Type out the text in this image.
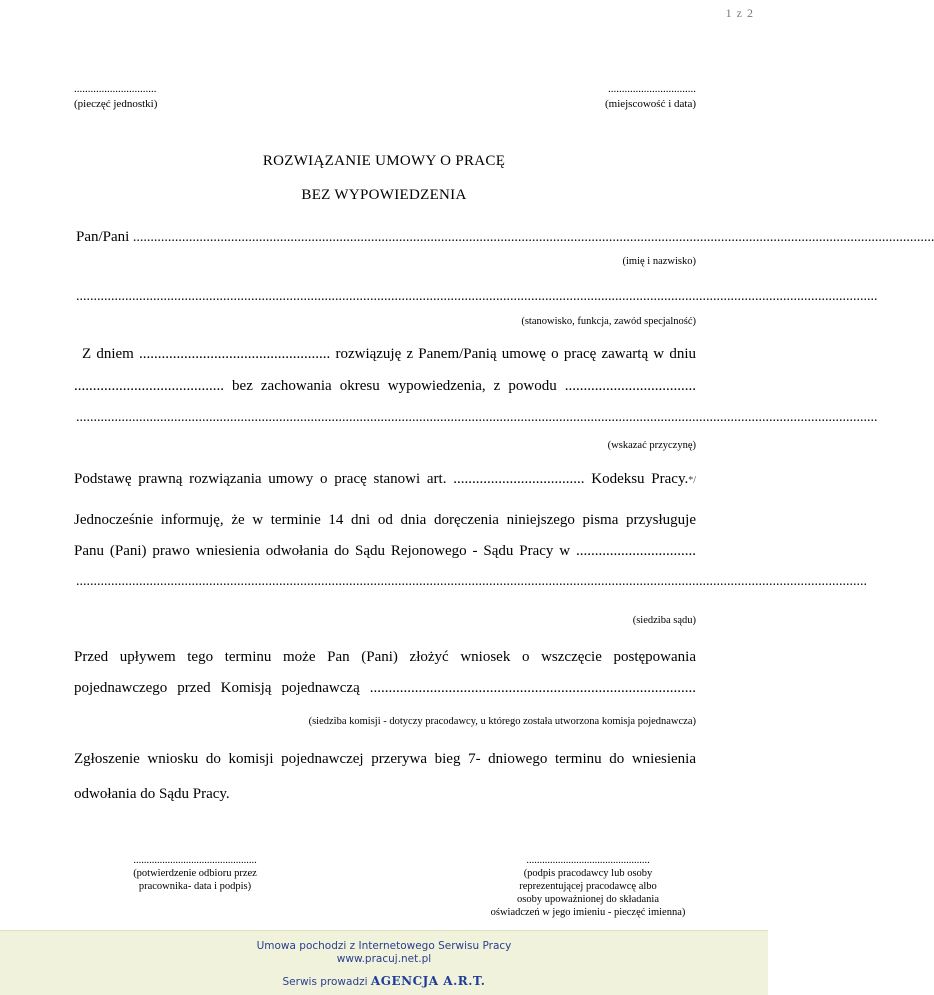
1 z 2
..............................
(pieczęć jednostki)
................................
(miejscowość i data)
ROZWIĄZANIE UMOWY O PRACĘ
BEZ WYPOWIEDZENIA
Pan/Pani .....................................................................................................................................................................................................................................
(imię i nazwisko)
.....................................................................................................................................................................................................................................
(stanowisko, funkcja, zawód specjalność)
Z dniem ................................................... rozwiązuję z Panem/Panią umowę o pracę zawartą w dniu
........................................ bez zachowania okresu wypowiedzenia, z powodu ...................................
.....................................................................................................................................................................................................................................
(wskazać przyczynę)
Podstawę prawną rozwiązania umowy o pracę stanowi art. ................................... Kodeksu Pracy.*/
Jednocześnie informuję, że w terminie 14 dni od dnia doręczenia niniejszego pisma przysługuje
Panu (Pani) prawo wniesienia odwołania do Sądu Rejonowego - Sądu Pracy w ................................
..................................................................................................................................................................................................................................
(siedziba sądu)
Przed upływem tego terminu może Pan (Pani) złożyć wniosek o wszczęcie postępowania
pojednawczego przed Komisją pojednawczą .......................................................................................
(siedziba komisji - dotyczy pracodawcy, u którego została utworzona komisja pojednawcza)
Zgłoszenie wniosku do komisji pojednawczej przerywa bieg 7- dniowego terminu do wniesienia
odwołania do Sądu Pracy.
...............................................
(potwierdzenie odbioru przez
pracownika- data i podpis)
...............................................
(podpis pracodawcy lub osoby
reprezentującej pracodawcę albo
osoby upoważnionej do składania
oświadczeń w jego imieniu - pieczęć imienna)
Umowa pochodzi z Internetowego Serwisu Pracy
www.pracuj.net.pl
Serwis prowadzi AGENCJA A.R.T.
